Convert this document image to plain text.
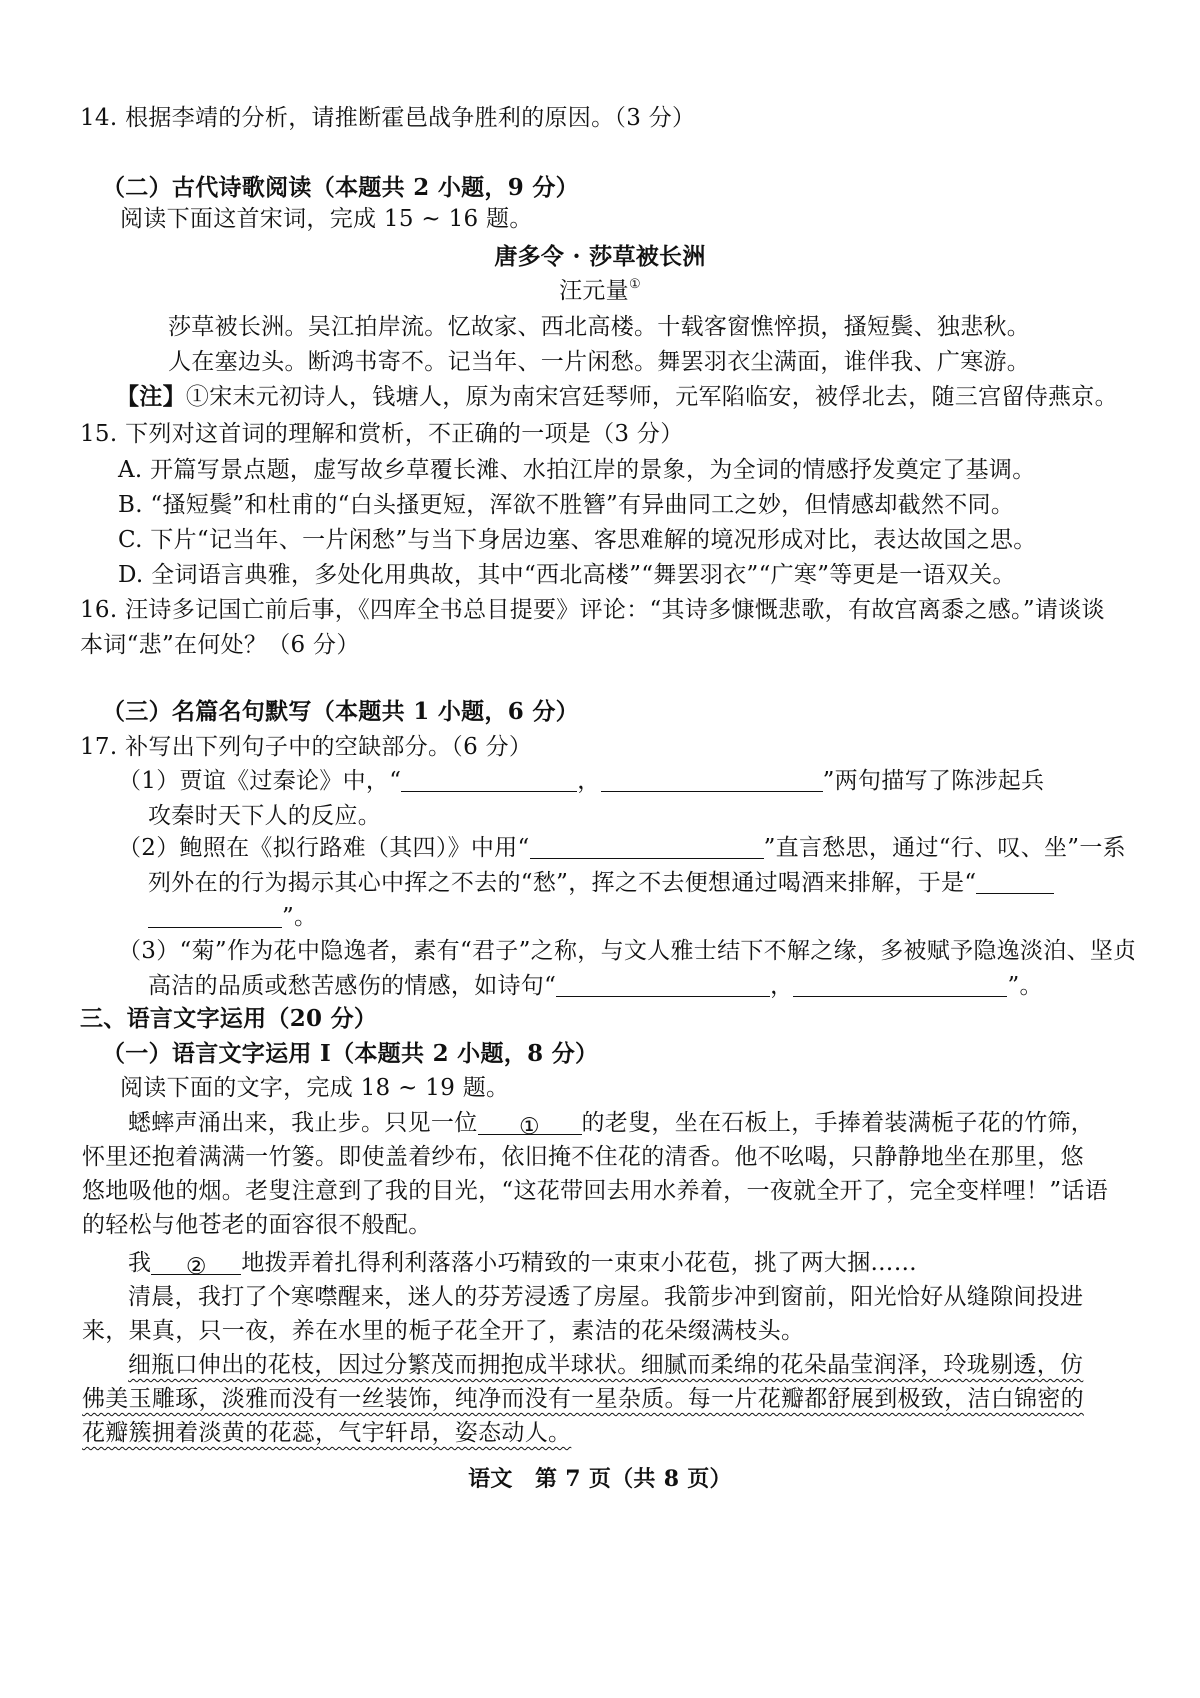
14. 根据李靖的分析，请推断霍邑战争胜利的原因。（3 分）
（二）古代诗歌阅读（本题共 2 小题，9 分）
阅读下面这首宋词，完成 15 ~ 16 题。
唐多令 · 莎草被长洲
汪元量①
莎草被长洲。吴江拍岸流。忆故家、西北高楼。十载客窗憔悴损，搔短鬓、独悲秋。
人在塞边头。断鸿书寄不。记当年、一片闲愁。舞罢羽衣尘满面，谁伴我、广寒游。
【注】①宋末元初诗人，钱塘人，原为南宋宫廷琴师，元军陷临安，被俘北去，随三宫留侍燕京。
15. 下列对这首词的理解和赏析，不正确的一项是（3 分）
A. 开篇写景点题，虚写故乡草覆长滩、水拍江岸的景象，为全词的情感抒发奠定了基调。
B. “搔短鬓”和杜甫的“白头搔更短，浑欲不胜簪”有异曲同工之妙，但情感却截然不同。
C. 下片“记当年、一片闲愁”与当下身居边塞、客思难解的境况形成对比，表达故国之思。
D. 全词语言典雅，多处化用典故，其中“西北高楼”“舞罢羽衣”“广寒”等更是一语双关。
16. 汪诗多记国亡前后事，《四库全书总目提要》评论：“其诗多慷慨悲歌，有故宫离黍之感。”请谈谈
本词“悲”在何处？（6 分）
（三）名篇名句默写（本题共 1 小题，6 分）
17. 补写出下列句子中的空缺部分。（6 分）
（1）贾谊《过秦论》中，“	，	”两句描写了陈涉起兵
攻秦时天下人的反应。
（2）鲍照在《拟行路难（其四）》中用“	”直言愁思，通过“行、叹、坐”一系
列外在的行为揭示其心中挥之不去的“愁”，挥之不去便想通过喝酒来排解，于是“
”。
（3）“菊”作为花中隐逸者，素有“君子”之称，与文人雅士结下不解之缘，多被赋予隐逸淡泊、坚贞
高洁的品质或愁苦感伤的情感，如诗句“	，	”。
三、语言文字运用（20 分）
（一）语言文字运用 Ⅰ（本题共 2 小题，8 分）
阅读下面的文字，完成 18 ~ 19 题。
蟋蟀声涌出来，我止步。只见一位 ① 的老叟，坐在石板上，手捧着装满栀子花的竹筛，
怀里还抱着满满一竹篓。即使盖着纱布，依旧掩不住花的清香。他不吆喝，只静静地坐在那里，悠
悠地吸他的烟。老叟注意到了我的目光，“这花带回去用水养着，一夜就全开了，完全变样哩！”话语
的轻松与他苍老的面容很不般配。
我 ② 地拨弄着扎得利利落落小巧精致的一束束小花苞，挑了两大捆……
清晨，我打了个寒噤醒来，迷人的芬芳浸透了房屋。我箭步冲到窗前，阳光恰好从缝隙间投进
来，果真，只一夜，养在水里的栀子花全开了，素洁的花朵缀满枝头。
细瓶口伸出的花枝，因过分繁茂而拥抱成半球状。细腻而柔绵的花朵晶莹润泽，玲珑剔透，仿
佛美玉雕琢，淡雅而没有一丝装饰，纯净而没有一星杂质。每一片花瓣都舒展到极致，洁白锦密的
花瓣簇拥着淡黄的花蕊，气宇轩昂，姿态动人。
语文　第 7 页（共 8 页）
